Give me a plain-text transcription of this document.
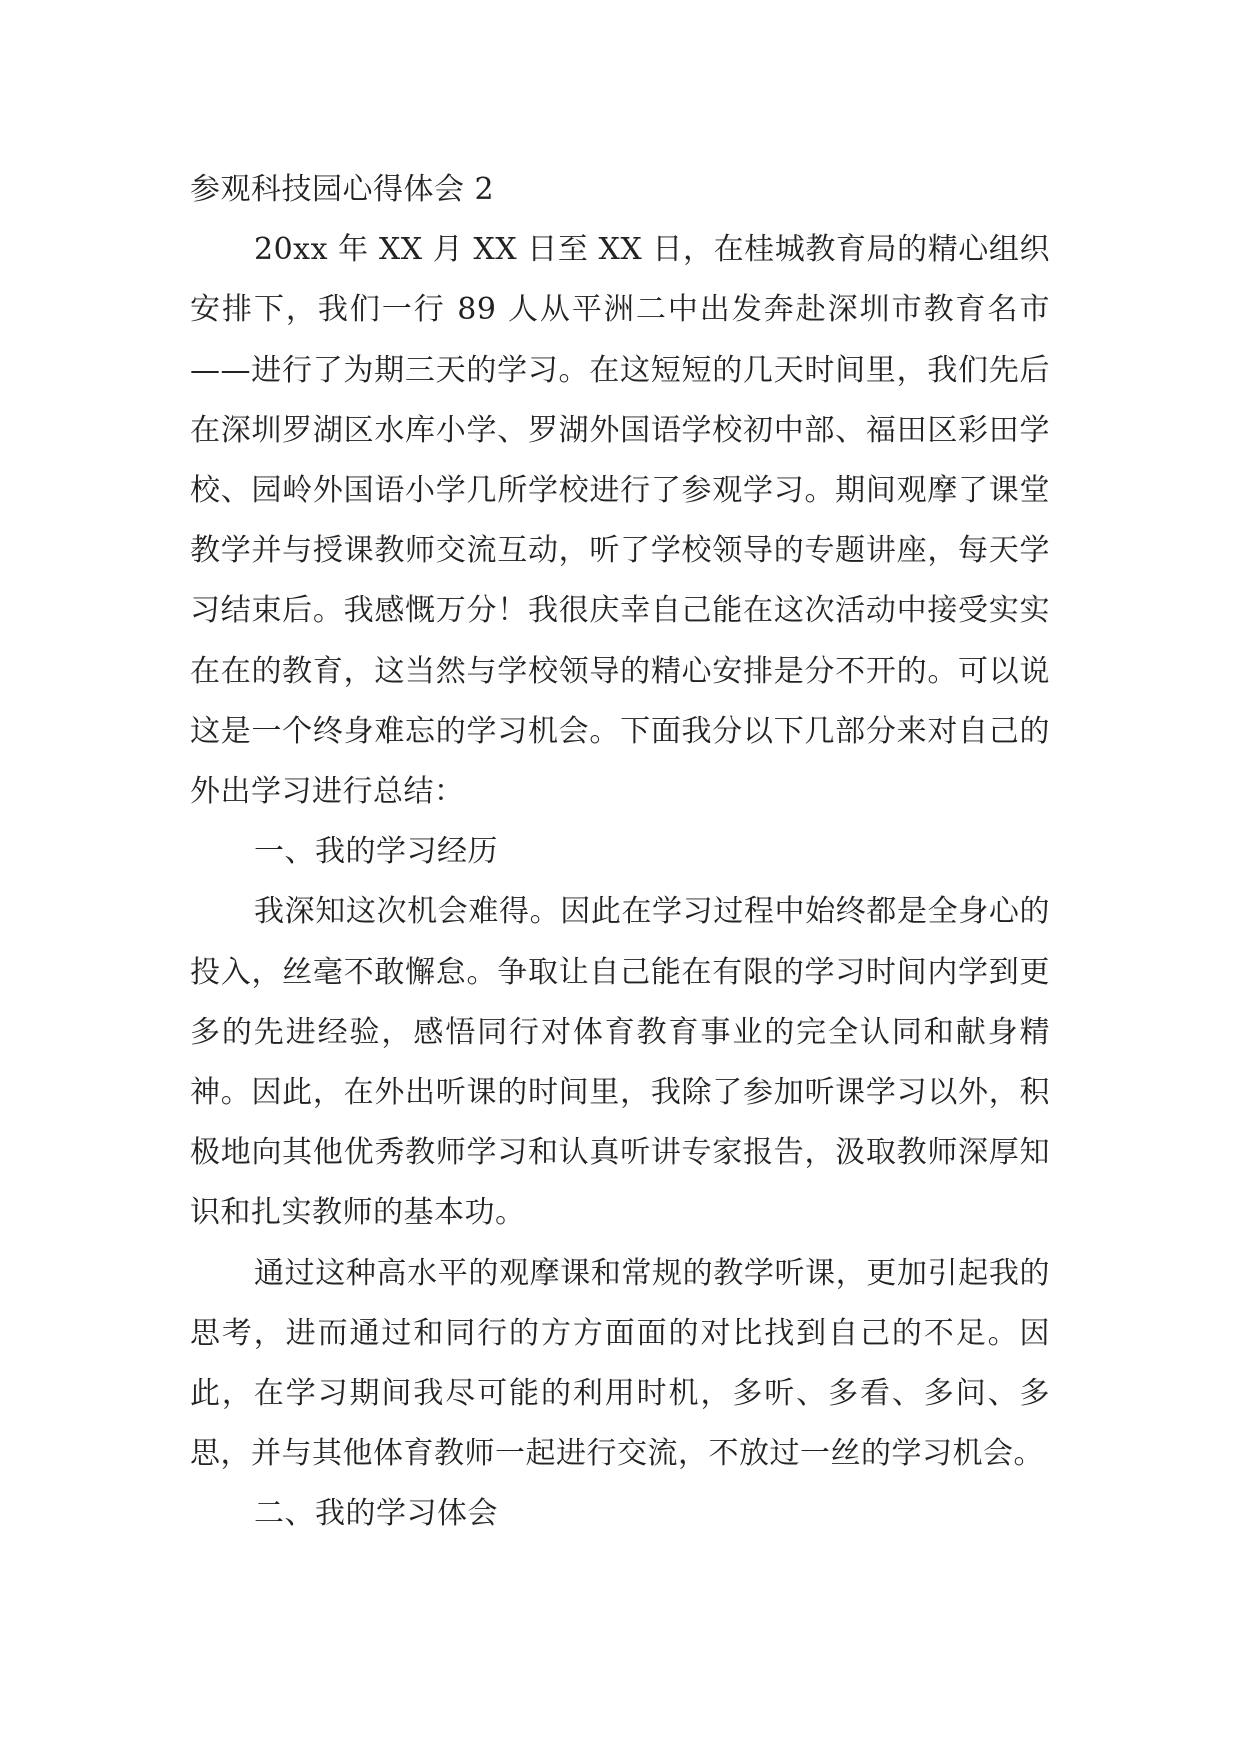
参观科技园心得体会 2

20xx 年 XX 月 XX 日至 XX 日，在桂城教育局的精心组织安排下，我们一行 89 人从平洲二中出发奔赴深圳市教育名市——进行了为期三天的学习。在这短短的几天时间里，我们先后在深圳罗湖区水库小学、罗湖外国语学校初中部、福田区彩田学校、园岭外国语小学几所学校进行了参观学习。期间观摩了课堂教学并与授课教师交流互动，听了学校领导的专题讲座，每天学习结束后。我感慨万分！我很庆幸自己能在这次活动中接受实实在在的教育，这当然与学校领导的精心安排是分不开的。可以说这是一个终身难忘的学习机会。下面我分以下几部分来对自己的外出学习进行总结：

一、我的学习经历

我深知这次机会难得。因此在学习过程中始终都是全身心的投入，丝毫不敢懈怠。争取让自己能在有限的学习时间内学到更多的先进经验，感悟同行对体育教育事业的完全认同和献身精神。因此，在外出听课的时间里，我除了参加听课学习以外，积极地向其他优秀教师学习和认真听讲专家报告，汲取教师深厚知识和扎实教师的基本功。

通过这种高水平的观摩课和常规的教学听课，更加引起我的思考，进而通过和同行的方方面面的对比找到自己的不足。因此，在学习期间我尽可能的利用时机，多听、多看、多问、多思，并与其他体育教师一起进行交流，不放过一丝的学习机会。

二、我的学习体会
